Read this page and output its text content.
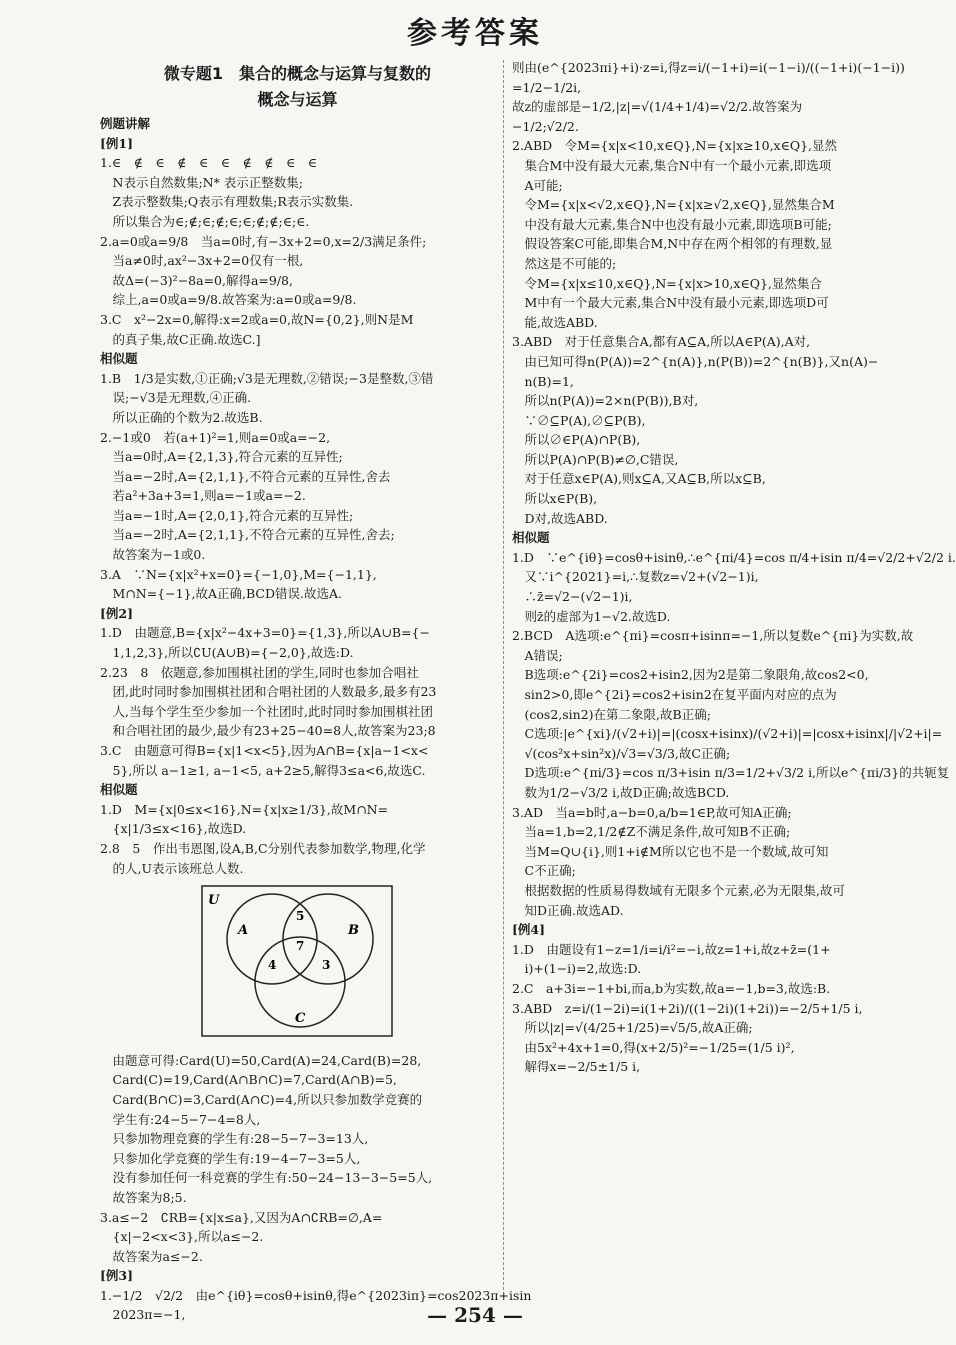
参考答案
微专题1　集合的概念与运算与复数的
概念与运算
例题讲解
[例1]
1.∈　∉　∈　∉　∈　∈　∉　∉　∈　∈
　N表示自然数集;N* 表示正整数集;
　Z表示整数集;Q表示有理数集;R表示实数集.
　所以集合为∈;∉;∈;∉;∈;∈;∉;∉;∈;∈.
2.a=0或a=9/8　当a=0时,有−3x+2=0,x=2/3满足条件;
　当a≠0时,ax²−3x+2=0仅有一根,
　故Δ=(−3)²−8a=0,解得a=9/8,
　综上,a=0或a=9/8.故答案为:a=0或a=9/8.
3.C　x²−2x=0,解得:x=2或a=0,故N={0,2},则N是M
　的真子集,故C正确.故选C.]
相似题
1.B　1/3是实数,①正确;√3是无理数,②错误;−3是整数,③错
　误;−√3是无理数,④正确.
　所以正确的个数为2.故选B.
2.−1或0　若(a+1)²=1,则a=0或a=−2,
　当a=0时,A={2,1,3},符合元素的互异性;
　当a=−2时,A={2,1,1},不符合元素的互异性,舍去
　若a²+3a+3=1,则a=−1或a=−2.
　当a=−1时,A={2,0,1},符合元素的互异性;
　当a=−2时,A={2,1,1},不符合元素的互异性,舍去;
　故答案为−1或0.
3.A　∵N={x|x²+x=0}={−1,0},M={−1,1},
　M∩N={−1},故A正确,BCD错误.故选A.
[例2]
1.D　由题意,B={x|x²−4x+3=0}={1,3},所以A∪B={−
　1,1,2,3},所以∁U(A∪B)={−2,0},故选:D.
2.23　8　依题意,参加围棋社团的学生,同时也参加合唱社
　团,此时同时参加围棋社团和合唱社团的人数最多,最多有23
　人,当每个学生至少参加一个社团时,此时同时参加围棋社团
　和合唱社团的最少,最少有23+25−40=8人,故答案为23;8
3.C　由题意可得B={x|1<x<5},因为A∩B={x|a−1<x<
　5},所以 a−1≥1, a−1<5, a+2≥5,解得3≤a<6,故选C.
相似题
1.D　M={x|0≤x<16},N={x|x≥1/3},故M∩N=
　{x|1/3≤x<16},故选D.
2.8　5　作出韦恩图,设A,B,C分别代表参加数学,物理,化学
　的人,U表示该班总人数.
U
A	B
C
5
7
4	3
　由题意可得:Card(U)=50,Card(A)=24,Card(B)=28,
　Card(C)=19,Card(A∩B∩C)=7,Card(A∩B)=5,
　Card(B∩C)=3,Card(A∩C)=4,所以只参加数学竞赛的
　学生有:24−5−7−4=8人,
　只参加物理竞赛的学生有:28−5−7−3=13人,
　只参加化学竞赛的学生有:19−4−7−3=5人,
　没有参加任何一科竞赛的学生有:50−24−13−3−5=5人,
　故答案为8;5.
3.a≤−2　∁RB={x|x≤a},又因为A∩∁RB=∅,A=
　{x|−2<x<3},所以a≤−2.
　故答案为a≤−2.
[例3]
1.−1/2　√2/2　由e^{iθ}=cosθ+isinθ,得e^{2023iπ}=cos2023π+isin
　2023π=−1,
则由(e^{2023πi}+i)·z=i,得z=i/(−1+i)=i(−1−i)/((−1+i)(−1−i))
=1/2−1/2i,
故z的虚部是−1/2,|z|=√(1/4+1/4)=√2/2.故答案为
−1/2;√2/2.
2.ABD　令M={x|x<10,x∈Q},N={x|x≥10,x∈Q},显然
　集合M中没有最大元素,集合N中有一个最小元素,即选项
　A可能;
　令M={x|x<√2,x∈Q},N={x|x≥√2,x∈Q},显然集合M
　中没有最大元素,集合N中也没有最小元素,即选项B可能;
　假设答案C可能,即集合M,N中存在两个相邻的有理数,显
　然这是不可能的;
　令M={x|x≤10,x∈Q},N={x|x>10,x∈Q},显然集合
　M中有一个最大元素,集合N中没有最小元素,即选项D可
　能,故选ABD.
3.ABD　对于任意集合A,都有A⊆A,所以A∈P(A),A对,
　由已知可得n(P(A))=2^{n(A)},n(P(B))=2^{n(B)},又n(A)−
　n(B)=1,
　所以n(P(A))=2×n(P(B)),B对,
　∵∅⊆P(A),∅⊆P(B),
　所以∅∈P(A)∩P(B),
　所以P(A)∩P(B)≠∅,C错误,
　对于任意x∈P(A),则x⊆A,又A⊆B,所以x⊆B,
　所以x∈P(B),
　D对,故选ABD.
相似题
1.D　∵e^{iθ}=cosθ+isinθ,∴e^{πi/4}=cos π/4+isin π/4=√2/2+√2/2 i.
　又∵i^{2021}=i,∴复数z=√2+(√2−1)i,
　∴z̄=√2−(√2−1)i,
　则z̄的虚部为1−√2.故选D.
2.BCD　A选项:e^{πi}=cosπ+isinπ=−1,所以复数e^{πi}为实数,故
　A错误;
　B选项:e^{2i}=cos2+isin2,因为2是第二象限角,故cos2<0,
　sin2>0,即e^{2i}=cos2+isin2在复平面内对应的点为
　(cos2,sin2)在第二象限,故B正确;
　C选项:|e^{xi}/(√2+i)|=|(cosx+isinx)/(√2+i)|=|cosx+isinx|/|√2+i|=
　√(cos²x+sin²x)/√3=√3/3,故C正确;
　D选项:e^{πi/3}=cos π/3+isin π/3=1/2+√3/2 i,所以e^{πi/3}的共轭复
　数为1/2−√3/2 i,故D正确;故选BCD.
3.AD　当a=b时,a−b=0,a/b=1∈P,故可知A正确;
　当a=1,b=2,1/2∉Z不满足条件,故可知B不正确;
　当M=Q∪{i},则1+i∉M所以它也不是一个数域,故可知
　C不正确;
　根据数据的性质易得数域有无限多个元素,必为无限集,故可
　知D正确.故选AD.
[例4]
1.D　由题设有1−z=1/i=i/i²=−i,故z=1+i,故z+z̄=(1+
　i)+(1−i)=2,故选:D.
2.C　a+3i=−1+bi,而a,b为实数,故a=−1,b=3,故选:B.
3.ABD　z=i/(1−2i)=i(1+2i)/((1−2i)(1+2i))=−2/5+1/5 i,
　所以|z|=√(4/25+1/25)=√5/5,故A正确;
　由5x²+4x+1=0,得(x+2/5)²=−1/25=(1/5 i)²,
　解得x=−2/5±1/5 i,
— 254 —
